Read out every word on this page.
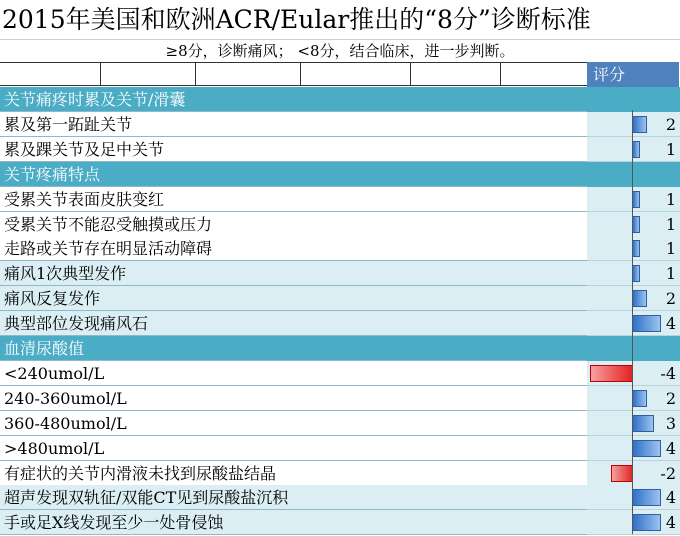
2015年美国和欧洲ACR/Eular推出的“8分”诊断标准
≥8分，诊断痛风； <8分，结合临床，进一步判断。
评分
关节痛疼时累及关节/滑囊
累及第一跖趾关节	2
累及踝关节及足中关节	1
关节疼痛特点
受累关节表面皮肤变红	1
受累关节不能忍受触摸或压力	1
走路或关节存在明显活动障碍	1
痛风1次典型发作	1
痛风反复发作	2
典型部位发现痛风石	4
血清尿酸值
<240umol/L	-4
240-360umol/L	2
360-480umol/L	3
>480umol/L	4
有症状的关节内滑液未找到尿酸盐结晶	-2
超声发现双轨征/双能CT见到尿酸盐沉积	4
手或足X线发现至少一处骨侵蚀	4
